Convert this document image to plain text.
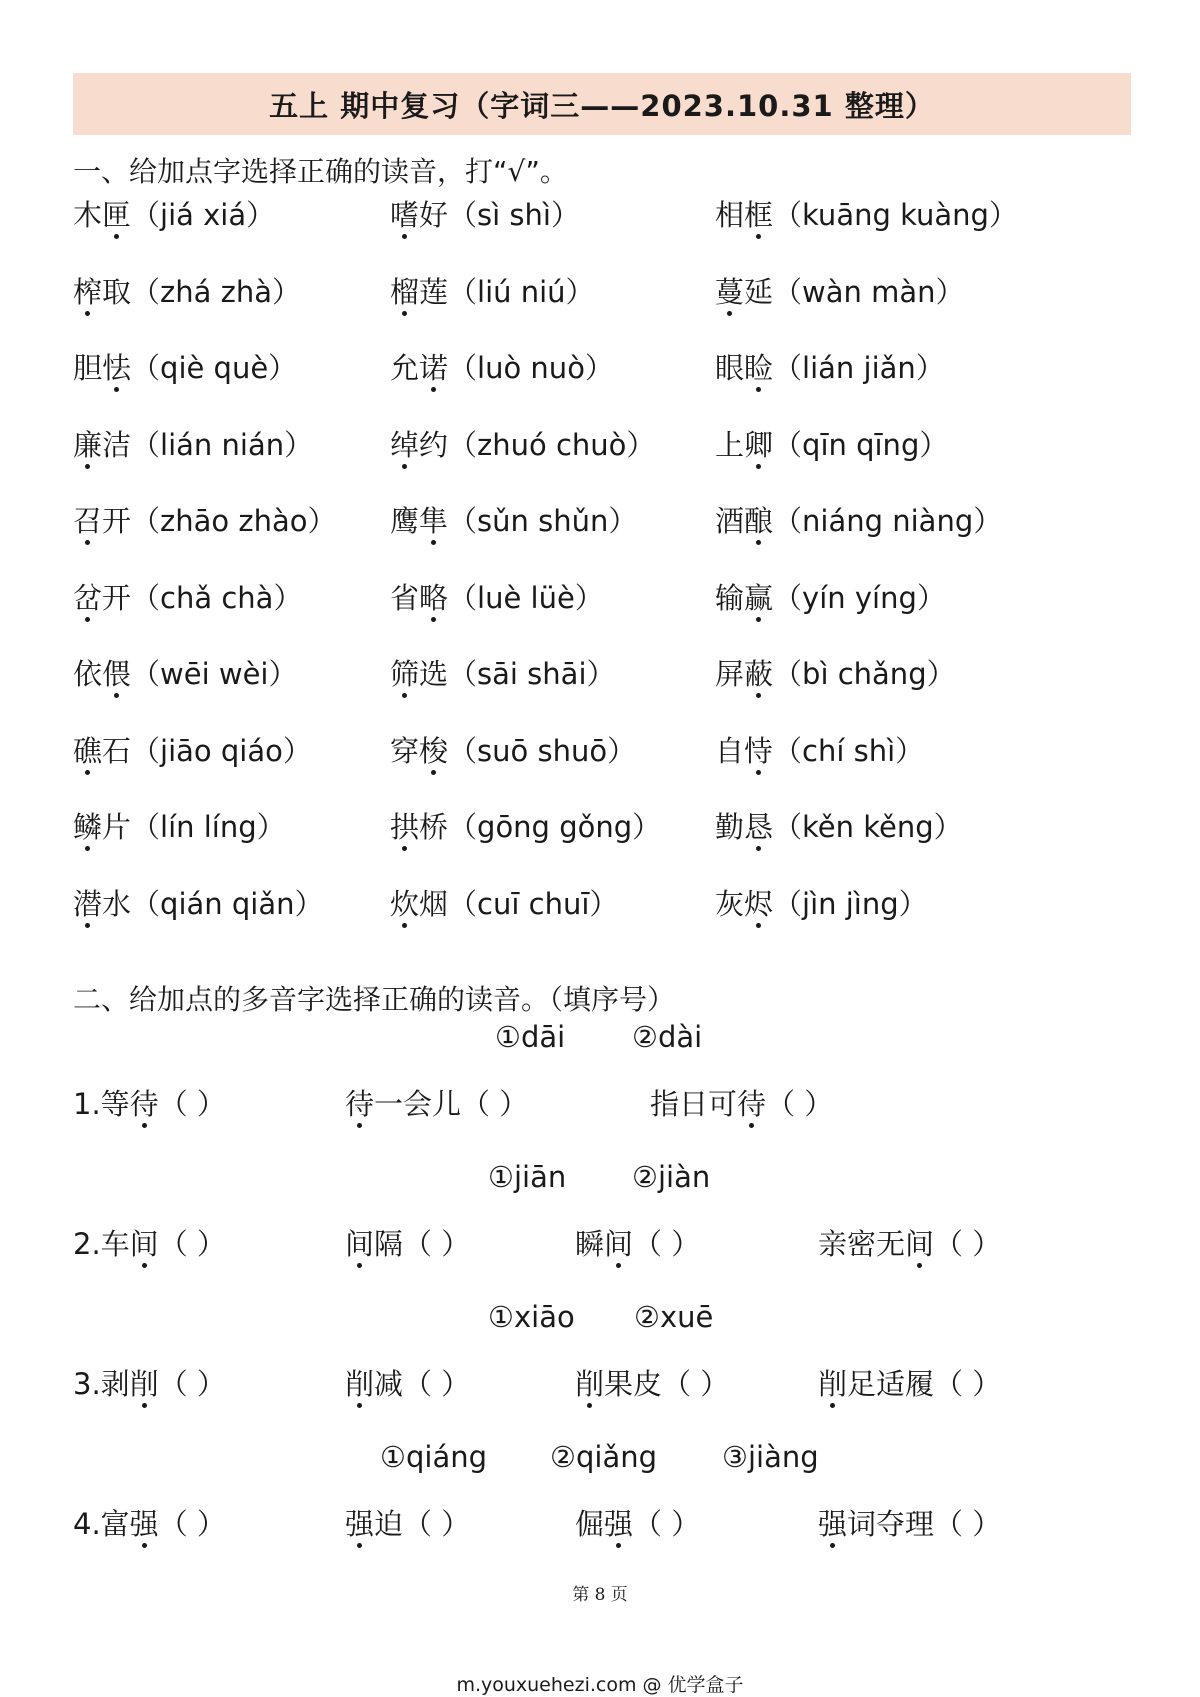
五上 期中复习（字词三——2023.10.31 整理）
一、给加点字选择正确的读音，打“√”。
木匣（jiá xiá）	嗜好（sì shì）	相框（kuāng kuàng）
榨取（zhá zhà）	榴莲（liú niú）	蔓延（wàn màn）
胆怯（qiè què）	允诺（luò nuò）	眼睑（lián jiǎn）
廉洁（lián nián）	绰约（zhuó chuò） 上卿（qīn qīng）
召开（zhāo zhào） 鹰隼（sǔn shǔn）	酒酿（niáng niàng）
岔开（chǎ chà）	省略（luè lüè）	输赢（yín yíng）
依偎（wēi wèi）	筛选（sāi shāi）	屏蔽（bì chǎng）
礁石（jiāo qiáo）	穿梭（suō shuō）	自恃（chí shì）
鳞片（lín líng）	拱桥（gōng gǒng） 勤恳（kěn kěng）
潜水（qián qiǎn） 炊烟（cuī chuī）	灰烬（jìn jìng）
二、给加点的多音字选择正确的读音。（填序号）
①dāi ②dài
1.等待（ ）	待一会儿（ ）	指日可待（ ）
①jiān ②jiàn
2.车间（ ）	间隔（ ）	瞬间（ ）	亲密无间（ ）
①xiāo ②xuē
3.剥削（ ）	削减（ ）	削果皮（ ）	削足适履（ ）
①qiáng ②qiǎng ③jiàng
4.富强（ ）	强迫（ ）	倔强（ ）	强词夺理（ ）
第 8 页
m.youxuehezi.com @ 优学盒子
